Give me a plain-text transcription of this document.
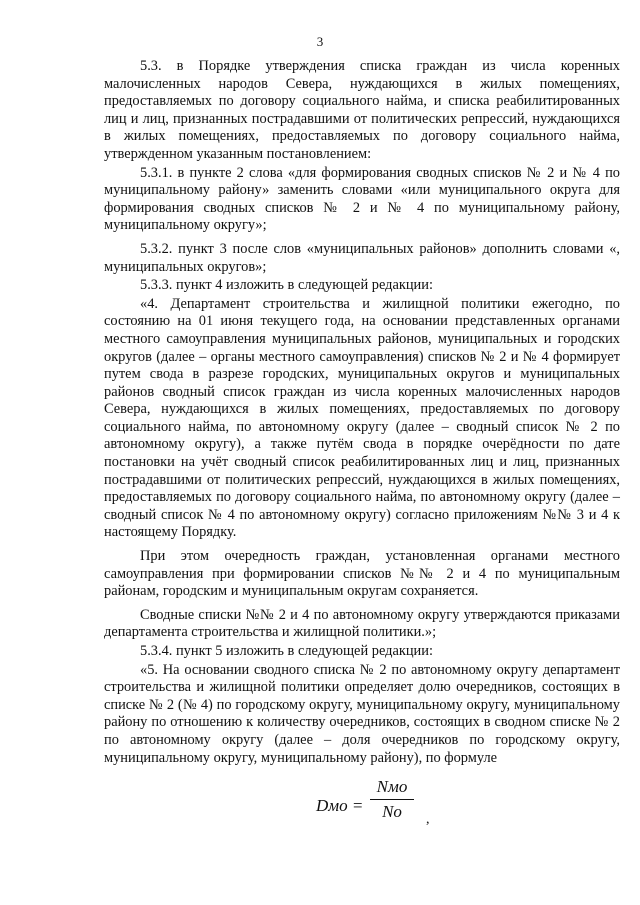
3

5.3. в Порядке утверждения списка граждан из числа коренных малочисленных народов Севера, нуждающихся в жилых помещениях, предоставляемых по договору социального найма, и списка реабилитированных лиц и лиц, признанных пострадавшими от политических репрессий, нуждающихся в жилых помещениях, предоставляемых по договору социального найма, утвержденном указанным постановлением:

5.3.1. в пункте 2 слова «для формирования сводных списков № 2 и № 4 по муниципальному району» заменить словами «или муниципального округа для формирования сводных списков № 2 и № 4 по муниципальному району, муниципальному округу»;

5.3.2. пункт 3 после слов «муниципальных районов» дополнить словами «, муниципальных округов»;

5.3.3. пункт 4 изложить в следующей редакции:

«4. Департамент строительства и жилищной политики ежегодно, по состоянию на 01 июня текущего года, на основании представленных органами местного самоуправления муниципальных районов, муниципальных и городских округов (далее – органы местного самоуправления) списков № 2 и № 4 формирует путем свода в разрезе городских, муниципальных округов и муниципальных районов сводный список граждан из числа коренных малочисленных народов Севера, нуждающихся в жилых помещениях, предоставляемых по договору социального найма, по автономному округу (далее – сводный список № 2 по автономному округу), а также путём свода в порядке очерёдности по дате постановки на учёт сводный список реабилитированных лиц и лиц, признанных пострадавшими от политических репрессий, нуждающихся в жилых помещениях, предоставляемых по договору социального найма, по автономному округу (далее – сводный список № 4 по автономному округу) согласно приложениям №№ 3 и 4 к настоящему Порядку.

При этом очередность граждан, установленная органами местного самоуправления при формировании списков №№ 2 и 4 по муниципальным районам, городским и муниципальным округам сохраняется.

Сводные списки №№ 2 и 4 по автономному округу утверждаются приказами департамента строительства и жилищной политики.»;

5.3.4. пункт 5 изложить в следующей редакции:

«5. На основании сводного списка № 2 по автономному округу департамент строительства и жилищной политики определяет долю очередников, состоящих в списке № 2 (№ 4) по городскому округу, муниципальному округу, муниципальному району по отношению к количеству очередников, состоящих в сводном списке № 2 по автономному округу (далее – доля очередников по городскому округу, муниципальному округу, муниципальному району), по формуле

Dмо =
Nмо
Nо	,
